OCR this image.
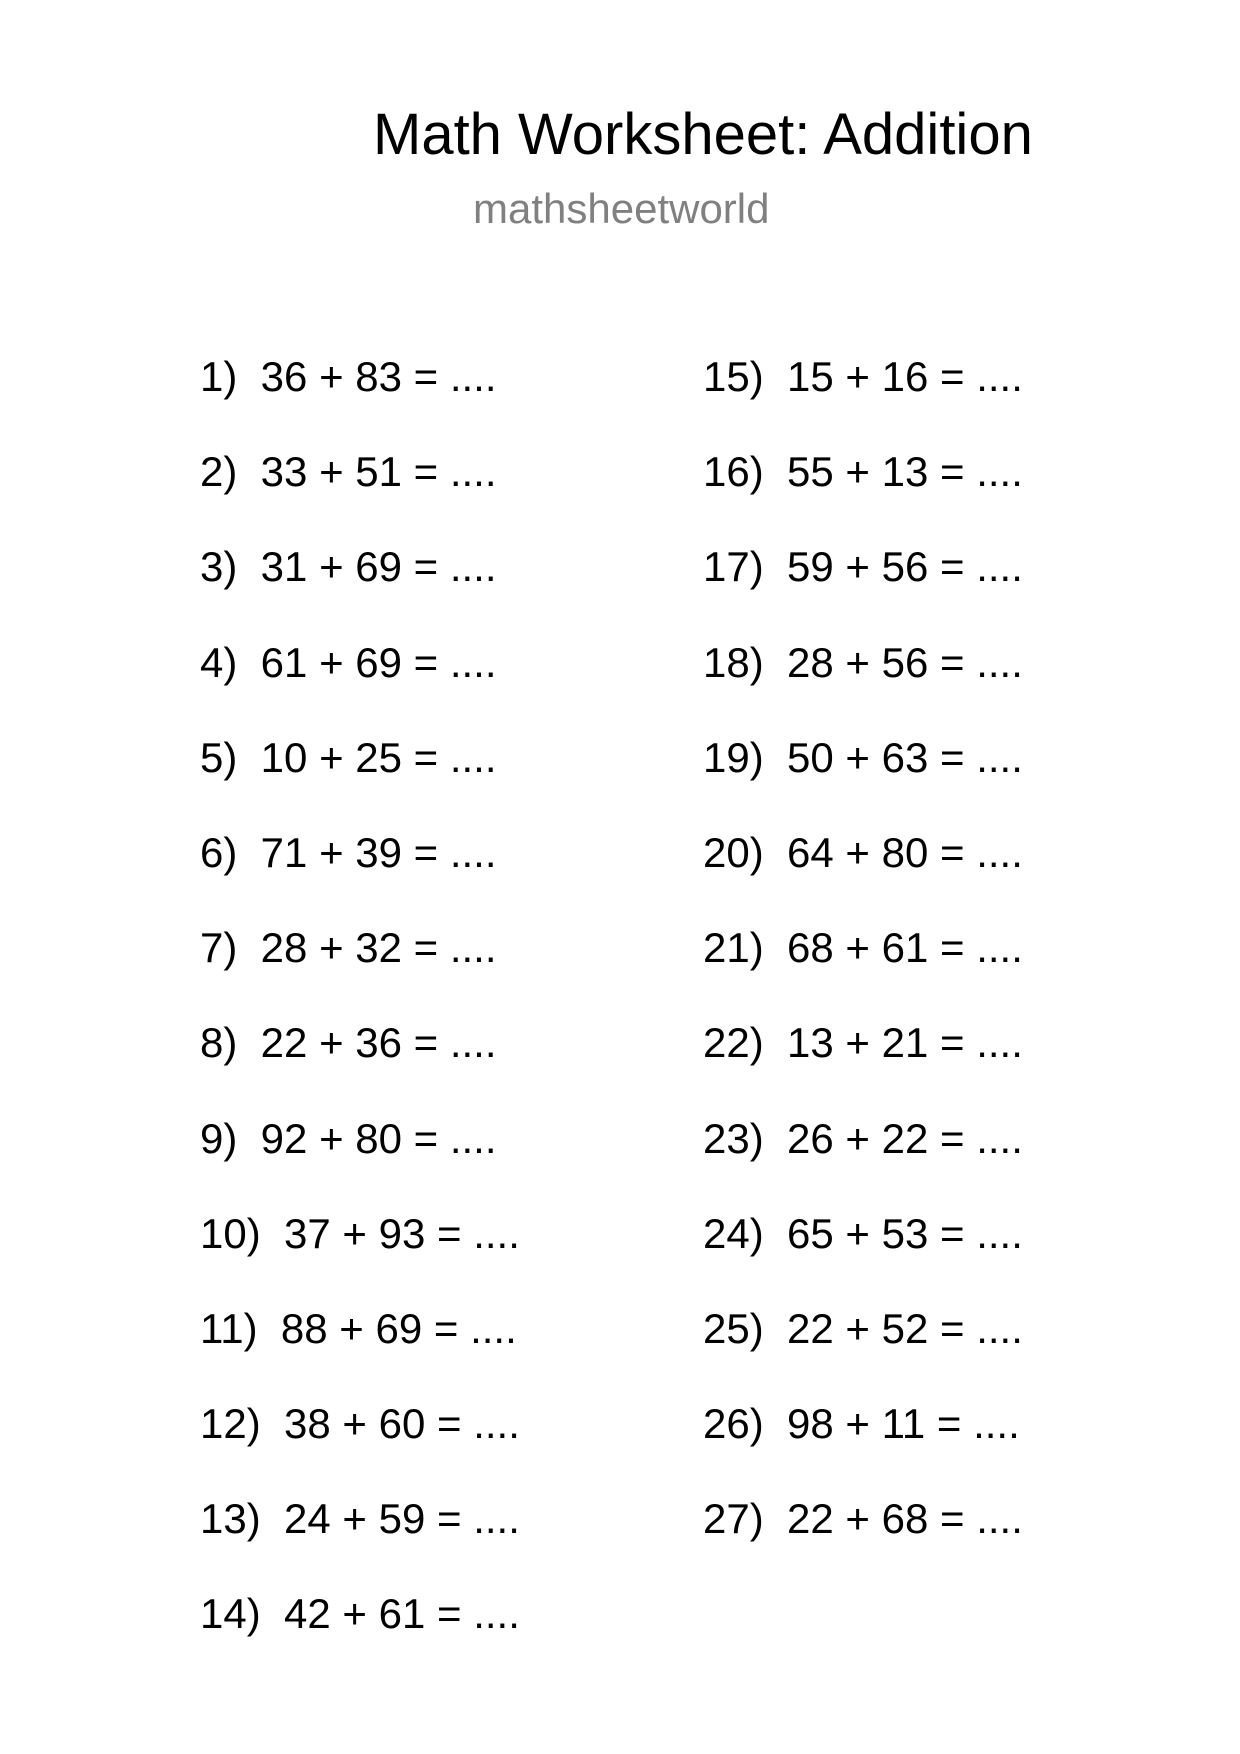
Math Worksheet: Addition
mathsheetworld
1)  36 + 83 = ....
2)  33 + 51 = ....
3)  31 + 69 = ....
4)  61 + 69 = ....
5)  10 + 25 = ....
6)  71 + 39 = ....
7)  28 + 32 = ....
8)  22 + 36 = ....
9)  92 + 80 = ....
10)  37 + 93 = ....
11)  88 + 69 = ....
12)  38 + 60 = ....
13)  24 + 59 = ....
14)  42 + 61 = ....
15)  15 + 16 = ....
16)  55 + 13 = ....
17)  59 + 56 = ....
18)  28 + 56 = ....
19)  50 + 63 = ....
20)  64 + 80 = ....
21)  68 + 61 = ....
22)  13 + 21 = ....
23)  26 + 22 = ....
24)  65 + 53 = ....
25)  22 + 52 = ....
26)  98 + 11 = ....
27)  22 + 68 = ....
